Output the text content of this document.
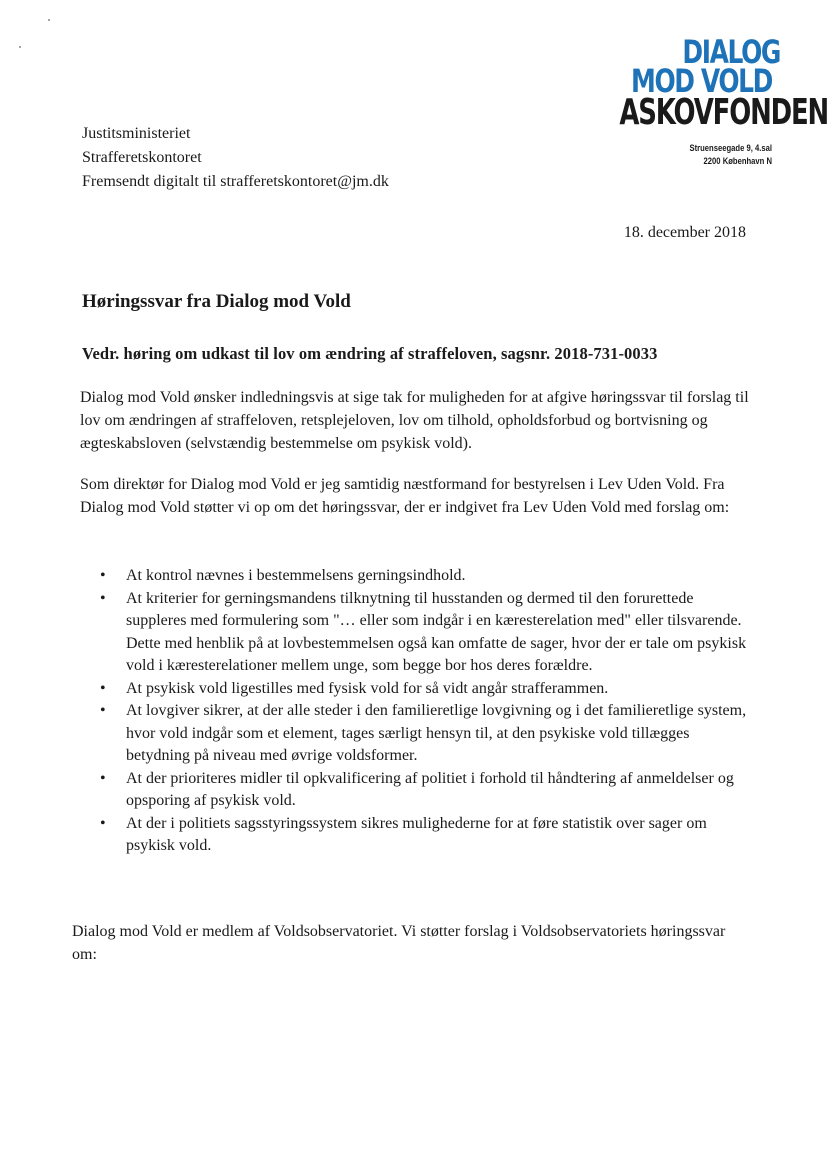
Justitsministeriet
Strafferetskontoret
Fremsendt digitalt til strafferetskontoret@jm.dk
DIALOG
MOD VOLD
ASKOVFONDEN
Struenseegade 9, 4.sal
2200 København N
18. december 2018
Høringssvar fra Dialog mod Vold
Vedr. høring om udkast til lov om ændring af straffeloven, sagsnr. 2018-731-0033
Dialog mod Vold ønsker indledningsvis at sige tak for muligheden for at afgive høringssvar til forslag til lov om ændringen af straffeloven, retsplejeloven, lov om tilhold, opholdsforbud og bortvisning og ægteskabsloven (selvstændig bestemmelse om psykisk vold).
Som direktør for Dialog mod Vold er jeg samtidig næstformand for bestyrelsen i Lev Uden Vold. Fra Dialog mod Vold støtter vi op om det høringssvar, der er indgivet fra Lev Uden Vold med forslag om:
• At kontrol nævnes i bestemmelsens gerningsindhold.
• At kriterier for gerningsmandens tilknytning til husstanden og dermed til den forurettede suppleres med formulering som "… eller som indgår i en kæresterelation med" eller tilsvarende. Dette med henblik på at lovbestemmelsen også kan omfatte de sager, hvor der er tale om psykisk vold i kæresterelationer mellem unge, som begge bor hos deres forældre.
• At psykisk vold ligestilles med fysisk vold for så vidt angår strafferammen.
• At lovgiver sikrer, at der alle steder i den familieretlige lovgivning og i det familieretlige system, hvor vold indgår som et element, tages særligt hensyn til, at den psykiske vold tillægges betydning på niveau med øvrige voldsformer.
• At der prioriteres midler til opkvalificering af politiet i forhold til håndtering af anmeldelser og opsporing af psykisk vold.
• At der i politiets sagsstyringssystem sikres mulighederne for at føre statistik over sager om psykisk vold.
Dialog mod Vold er medlem af Voldsobservatoriet. Vi støtter forslag i Voldsobservatoriets høringssvar om:
